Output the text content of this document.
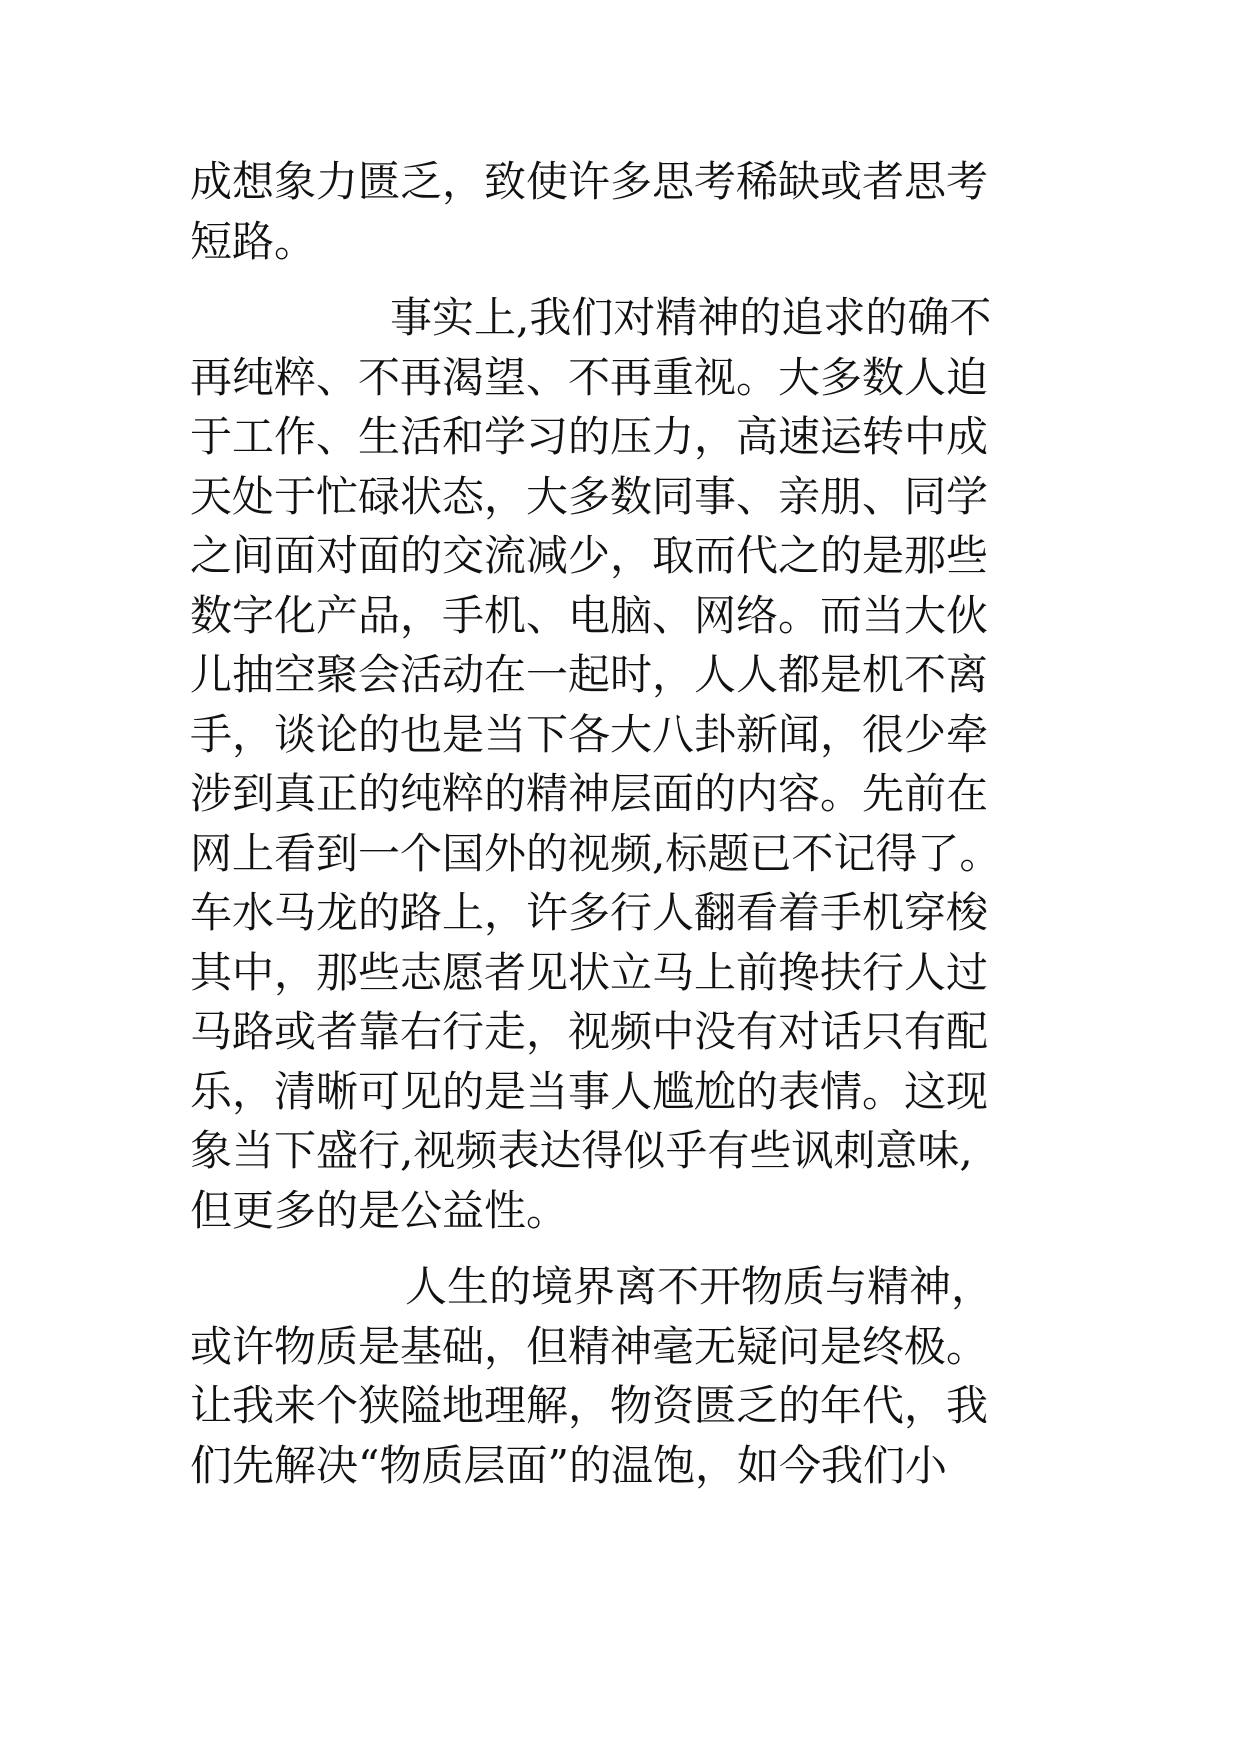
成想象力匮乏，致使许多思考稀缺或者思考
短路。
事实上,我们对精神的追求的确不
再纯粹、不再渴望、不再重视。大多数人迫
于工作、生活和学习的压力，高速运转中成
天处于忙碌状态，大多数同事、亲朋、同学
之间面对面的交流减少，取而代之的是那些
数字化产品，手机、电脑、网络。而当大伙
儿抽空聚会活动在一起时，人人都是机不离
手，谈论的也是当下各大八卦新闻，很少牵
涉到真正的纯粹的精神层面的内容。先前在
网上看到一个国外的视频,标题已不记得了。
车水马龙的路上，许多行人翻看着手机穿梭
其中，那些志愿者见状立马上前搀扶行人过
马路或者靠右行走，视频中没有对话只有配
乐，清晰可见的是当事人尴尬的表情。这现
象当下盛行,视频表达得似乎有些讽刺意味,
但更多的是公益性。
人生的境界离不开物质与精神，
或许物质是基础，但精神毫无疑问是终极。
让我来个狭隘地理解，物资匮乏的年代，我
们先解决“物质层面”的温饱，如今我们小
